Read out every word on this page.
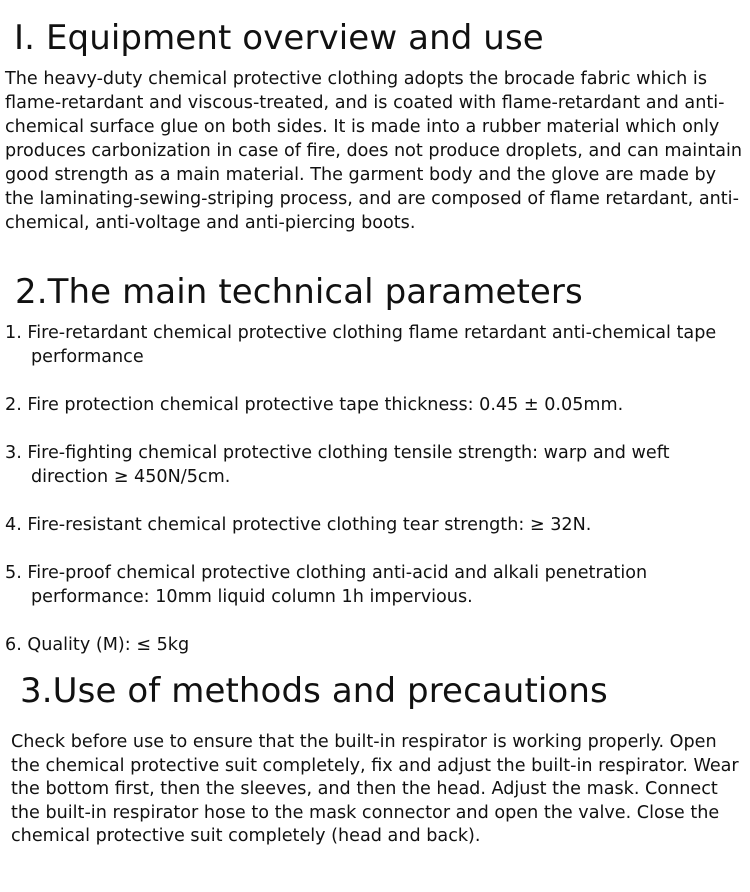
I. Equipment overview and use

The heavy-duty chemical protective clothing adopts the brocade fabric which is flame-retardant and viscous-treated, and is coated with flame-retardant and anti-chemical surface glue on both sides. It is made into a rubber material which only produces carbonization in case of fire, does not produce droplets, and can maintain good strength as a main material. The garment body and the glove are made by the laminating-sewing-striping process, and are composed of flame retardant, anti-chemical, anti-voltage and anti-piercing boots.

2.The main technical parameters

1. Fire-retardant chemical protective clothing flame retardant anti-chemical tape performance

2. Fire protection chemical protective tape thickness: 0.45 ± 0.05mm.

3. Fire-fighting chemical protective clothing tensile strength: warp and weft direction ≥ 450N/5cm.

4. Fire-resistant chemical protective clothing tear strength: ≥ 32N.

5. Fire-proof chemical protective clothing anti-acid and alkali penetration performance: 10mm liquid column 1h impervious.

6. Quality (M): ≤ 5kg

3.Use of methods and precautions

Check before use to ensure that the built-in respirator is working properly. Open the chemical protective suit completely, fix and adjust the built-in respirator. Wear the bottom first, then the sleeves, and then the head. Adjust the mask. Connect the built-in respirator hose to the mask connector and open the valve. Close the chemical protective suit completely (head and back).
